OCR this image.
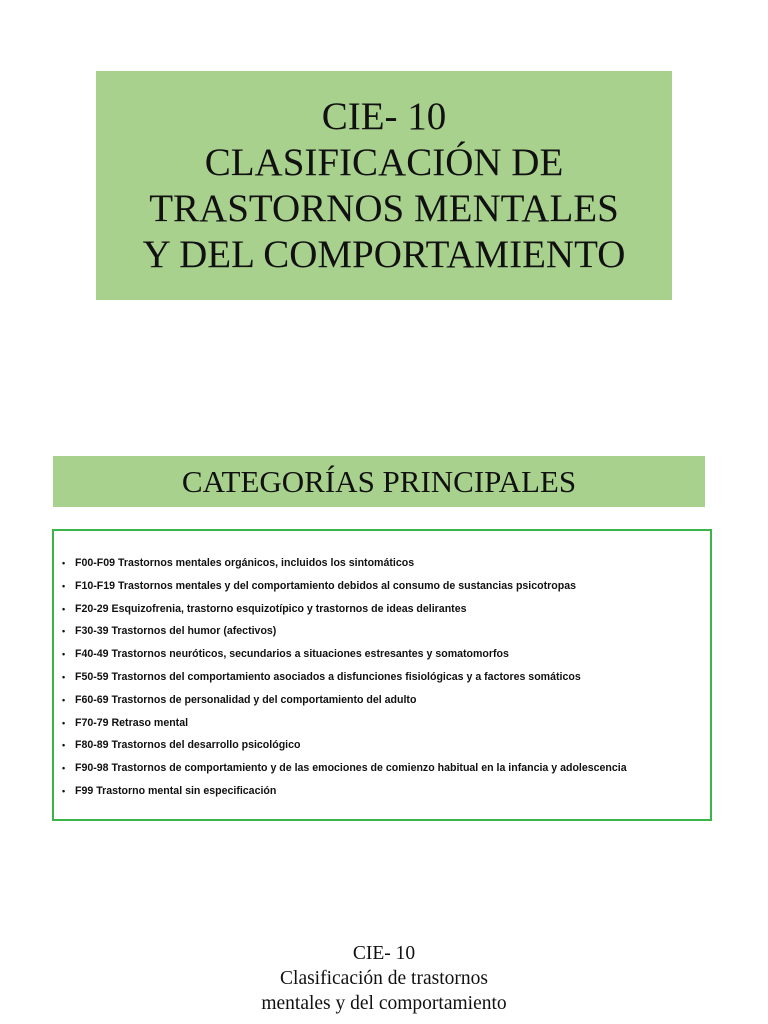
CIE- 10
CLASIFICACIÓN DE
TRASTORNOS MENTALES
Y DEL COMPORTAMIENTO
CATEGORÍAS PRINCIPALES
• F00-F09 Trastornos mentales orgánicos, incluidos los sintomáticos
• F10-F19 Trastornos mentales y del comportamiento debidos al consumo de sustancias psicotropas
• F20-29 Esquizofrenia, trastorno esquizotípico y trastornos de ideas delirantes
• F30-39 Trastornos del humor (afectivos)
• F40-49 Trastornos neuróticos, secundarios a situaciones estresantes y somatomorfos
• F50-59 Trastornos del comportamiento asociados a disfunciones fisiológicas y a factores somáticos
• F60-69 Trastornos de personalidad y del comportamiento del adulto
• F70-79 Retraso mental
• F80-89 Trastornos del desarrollo psicológico
• F90-98 Trastornos de comportamiento y de las emociones de comienzo habitual en la infancia y adolescencia
• F99 Trastorno mental sin especificación
CIE- 10
Clasificación de trastornos
mentales y del comportamiento
